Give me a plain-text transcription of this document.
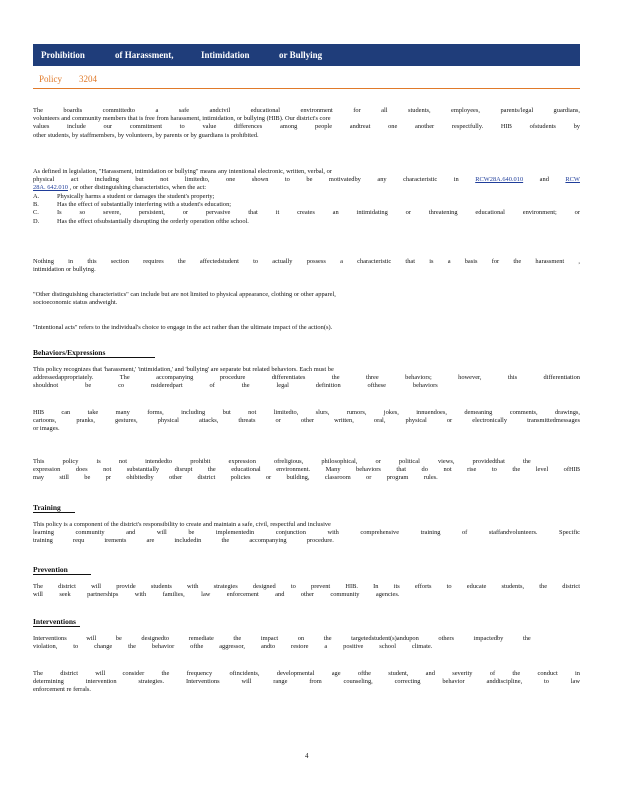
Prohibition	of Harassment,	Intimidation	or Bullying
Policy 3204
The boardis committedto a safe andcivil educational environment for all students, employees, parents/legal guardians,
volunteers and community members that is free from harassment, intimidation, or bullying (HIB). Our district's core
values include our commitment to value differences among people andtreat one another respectfully. HIB ofstudents by
other students, by staffmembers, by volunteers, by parents or by guardians is prohibited.
As defined in legislation, "Harassment, intimidation or bullying" means any intentional electronic, written, verbal, or
physical act including but not limitedto, one shown to be motivatedby any characteristic in	RCW28A.640.010	and	RCW
28A. 642.010 , or other distinguishing characteristics, when the act:
A.	Physically harms a student or damages the student's property;
B.	Has the effect of substantially interfering with a student's education;
C.	Is so severe, persistent, or pervasive that it creates an intimidating or threatening educational environment; or
D.	Has the effect ofsubstantially disrupting the orderly operation ofthe school.
Nothing in this section requires the affectedstudent to actually possess a characteristic that is a basis for the harassment ,
intimidation or bullying.
"Other distinguishing characteristics" can include but are not limited to physical appearance, clothing or other apparel,
socioeconomic status andweight.
"Intentional acts" refers to the individual's choice to engage in the act rather than the ultimate impact of the action(s).
Behaviors/Expressions
This policy recognizes that 'harassment,' 'intimidation,' and 'bullying' are separate but related behaviors. Each must be
addressedappropriately. The accompanying procedure differentiates the three behaviors; however, this differentiation
shouldnot be co nsideredpart of the legal definition ofthese behaviors
HIB can take many forms, including but not limitedto, slurs, rumors, jokes, innuendoes, demeaning comments, drawings,
cartoons, pranks, gestures, physical attacks, threats or other written, oral, physical or electronically transmittedmessages
or images.
This policy is not intendedto prohibit expression ofreligious, philosophical, or political views, providedthat the
expression does not substantially disrupt the educational environment. Many behaviors that do not rise to the level ofHIB
may still be pr ohibitedby other district policies or building, classroom or program rules.
Training
This policy is a component of the district's responsibility to create and maintain a safe, civil, respectful and inclusive
learning community and will be implementedin conjunction with comprehensive training of staffandvolunteers. Specific
training requ irements are includedin the accompanying procedure.
Prevention
The district will provide students with strategies designed to prevent HIB. In its efforts to educate students, the district
will seek partnerships with families, law enforcement and other community agencies.
Interventions
Interventions will be designedto remediate the impact on the targetedstudent(s)andupon others impactedby the
violation, to change the behavior ofthe aggressor, andto restore a positive school climate.
The district will consider the frequency ofincidents, developmental age ofthe student, and severity of the conduct in
determining intervention strategies. Interventions will range from counseling, correcting behavior anddiscipline, to law
enforcement re ferrals.
4
